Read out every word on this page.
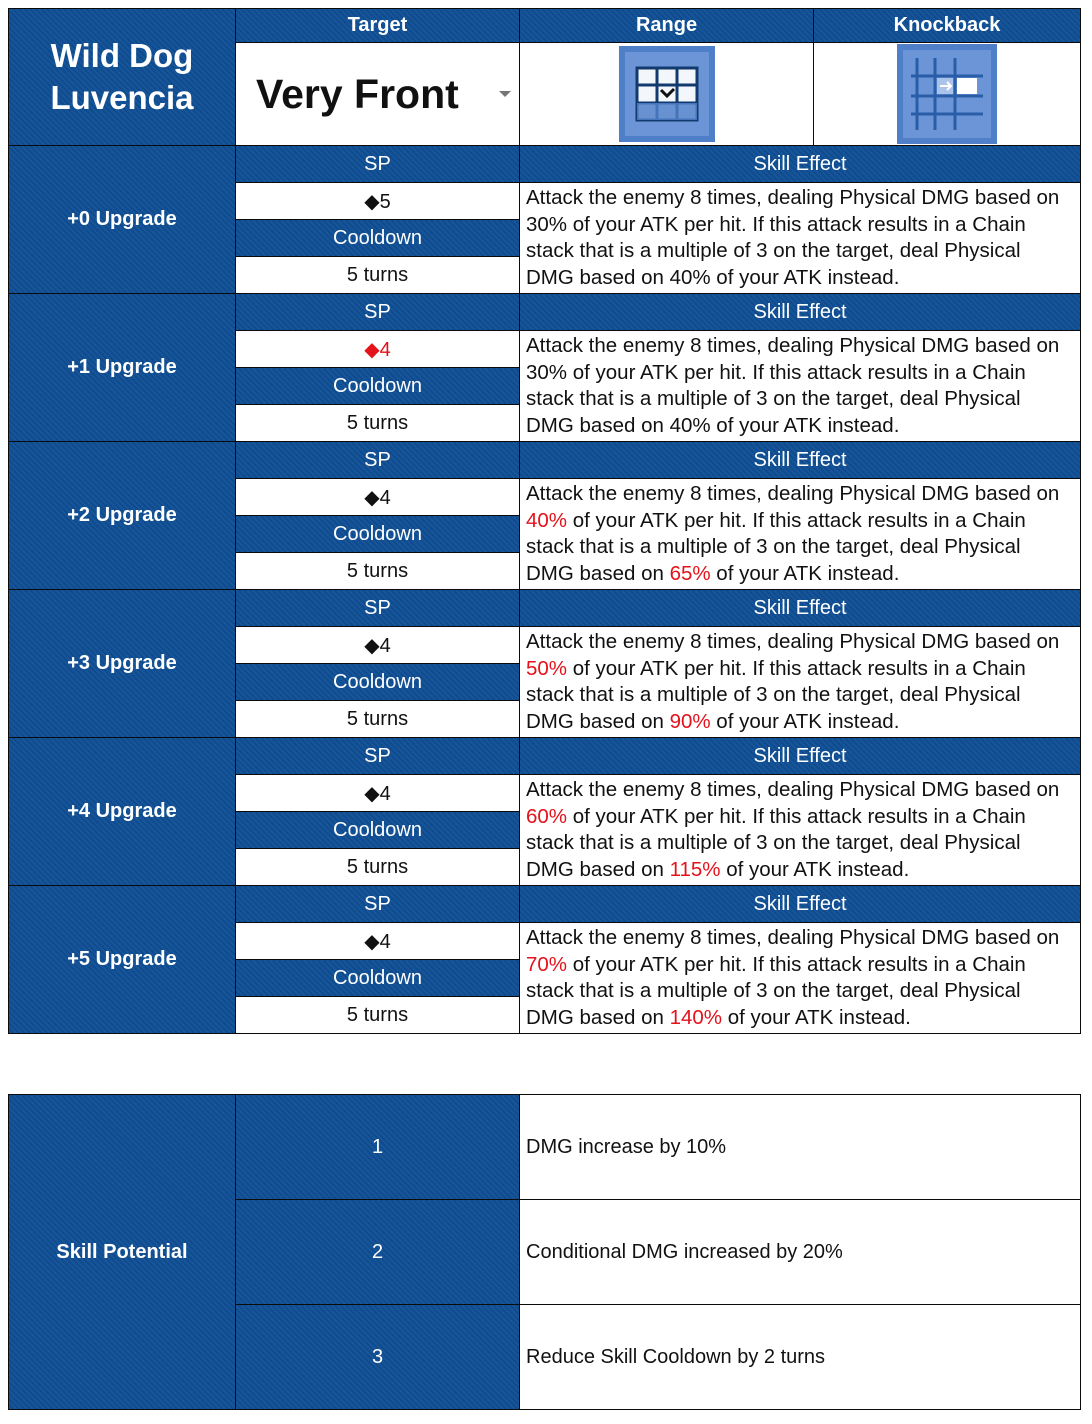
Wild Dog
Luvencia	Target	Range	Knockback
	Very Front

+0 Upgrade	SP	Skill Effect	
	◆5	Attack the enemy 8 times, dealing Physical DMG based on 30% of your ATK per hit. If this attack results in a Chain stack that is a multiple of 3 on the target, deal Physical DMG based on 40% of your ATK instead.	
	Cooldown		
	5 turns		
+1 Upgrade	SP	Skill Effect	
	◆4	Attack the enemy 8 times, dealing Physical DMG based on 30% of your ATK per hit. If this attack results in a Chain stack that is a multiple of 3 on the target, deal Physical DMG based on 40% of your ATK instead.	
	Cooldown		
	5 turns		
+2 Upgrade	SP	Skill Effect	
	◆4	Attack the enemy 8 times, dealing Physical DMG based on 40% of your ATK per hit. If this attack results in a Chain stack that is a multiple of 3 on the target, deal Physical DMG based on 65% of your ATK instead.	
	Cooldown		
	5 turns		
+3 Upgrade	SP	Skill Effect	
	◆4	Attack the enemy 8 times, dealing Physical DMG based on 50% of your ATK per hit. If this attack results in a Chain stack that is a multiple of 3 on the target, deal Physical DMG based on 90% of your ATK instead.	
	Cooldown		
	5 turns		
+4 Upgrade	SP	Skill Effect	
	◆4	Attack the enemy 8 times, dealing Physical DMG based on 60% of your ATK per hit. If this attack results in a Chain stack that is a multiple of 3 on the target, deal Physical DMG based on 115% of your ATK instead.	
	Cooldown		
	5 turns		
+5 Upgrade	SP	Skill Effect	
	◆4	Attack the enemy 8 times, dealing Physical DMG based on 70% of your ATK per hit. If this attack results in a Chain stack that is a multiple of 3 on the target, deal Physical DMG based on 140% of your ATK instead.	
	Cooldown		
	5 turns		
Skill Potential	1	DMG increase by 10%
	2	Conditional DMG increased by 20%
	3	Reduce Skill Cooldown by 2 turns
